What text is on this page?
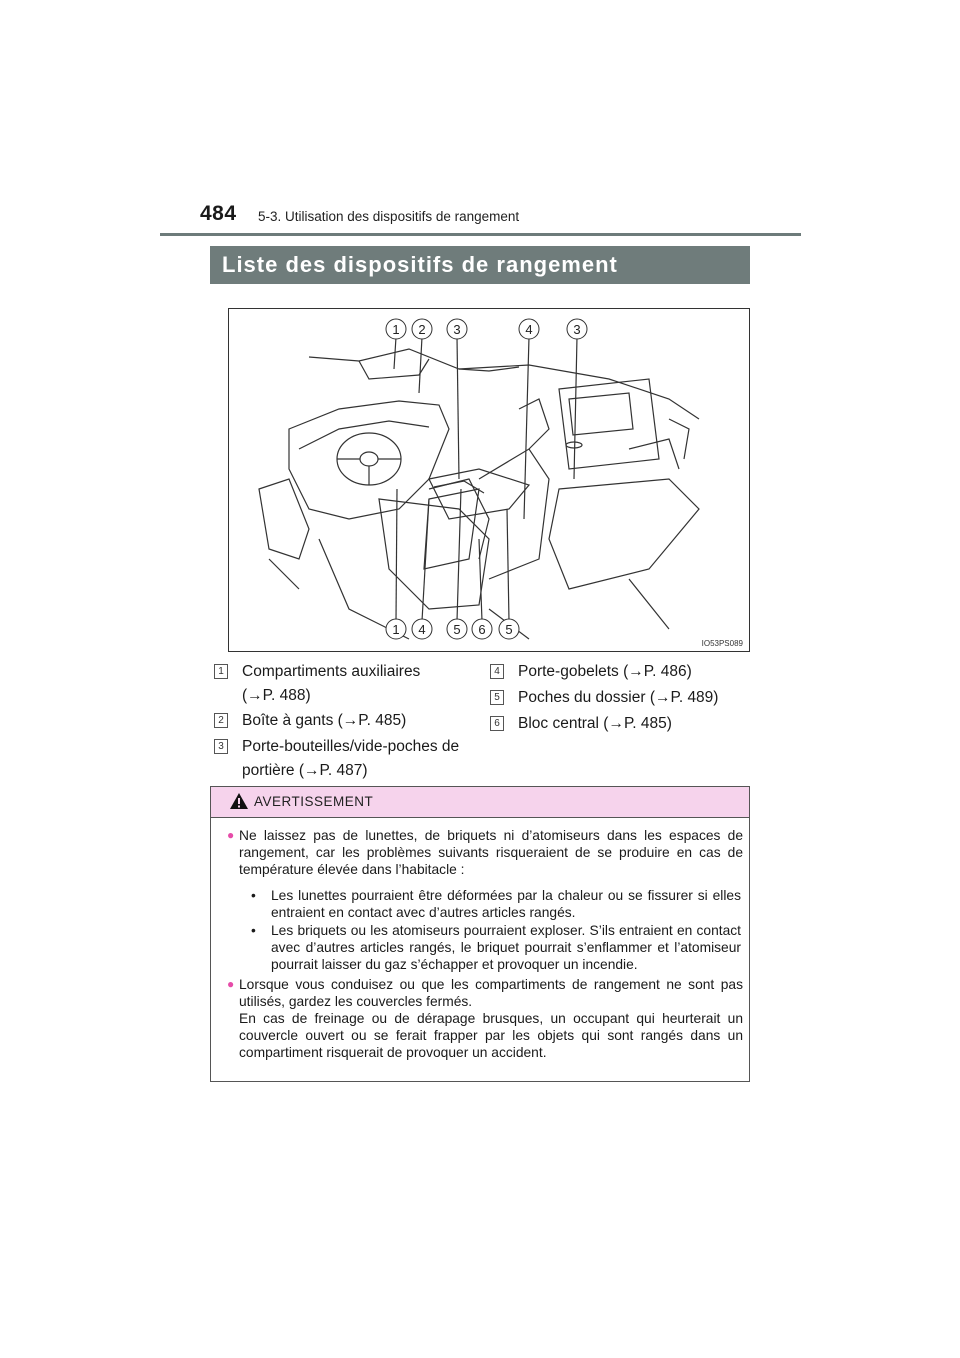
484 5-3. Utilisation des dispositifs de rangement
Liste des dispositifs de rangement
1 2 3	4	3
1 4 5 6 5
IO53PS089
1 Compartiments auxiliaires
(→P. 488)
2 Boîte à gants (→P. 485)
3 Porte-bouteilles/vide-poches de
portière (→P. 487)
4 Porte-gobelets (→P. 486)
5 Poches du dossier (→P. 489)
6 Bloc central (→P. 485)
AVERTISSEMENT
● Ne laissez pas de lunettes, de briquets ni d’atomiseurs dans les espaces de rangement, car les problèmes suivants risqueraient de se produire en cas de température élevée dans l’habitacle :
• Les lunettes pourraient être déformées par la chaleur ou se fissurer si elles entraient en contact avec d’autres articles rangés.
• Les briquets ou les atomiseurs pourraient exploser. S’ils entraient en contact avec d’autres articles rangés, le briquet pourrait s’enflammer et l’atomiseur pourrait laisser du gaz s’échapper et provoquer un incendie.
● Lorsque vous conduisez ou que les compartiments de rangement ne sont pas utilisés, gardez les couvercles fermés.
En cas de freinage ou de dérapage brusques, un occupant qui heurterait un couvercle ouvert ou se ferait frapper par les objets qui sont rangés dans un compartiment risquerait de provoquer un accident.
